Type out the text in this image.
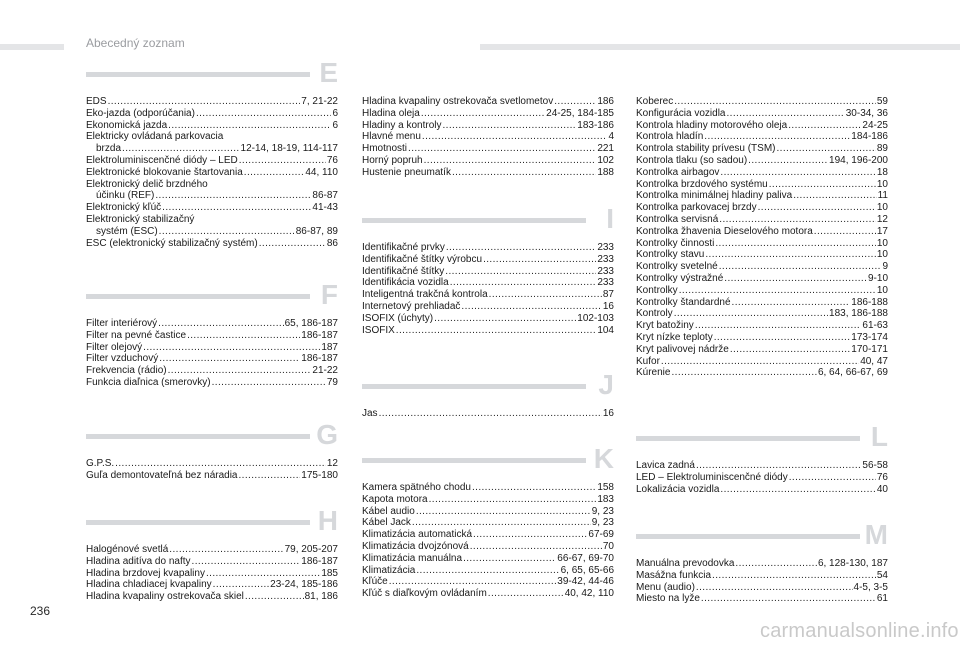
Abecedný zoznam
E
EDS .....	7, 21-22
Eko-jazda (odporúčania) .....	6
Ekonomická jazda .....	6
Elektricky ovládaná parkovacia
brzda .....	12-14, 18-19, 114-117
Elektroluminiscenčné diódy – LED .....	76
Elektronické blokovanie štartovania .....	44, 110
Elektronický delič brzdného
účinku (REF) .....	86-87
Elektronický kľúč .....	41-43
Elektronický stabilizačný
systém (ESC) .....	86-87, 89
ESC (elektronický stabilizačný systém) .....	86
F
Filter interiérový .....	65, 186-187
Filter na pevné častice .....	186-187
Filter olejový .....	187
Filter vzduchový .....	186-187
Frekvencia (rádio) .....	21-22
Funkcia diaľnica (smerovky) .....	79
G
G.P.S. .....	12
Guľa demontovateľná bez náradia .....	175-180
H
Halogénové svetlá .....	79, 205-207
Hladina aditíva do nafty .....	186-187
Hladina brzdovej kvapaliny .....	185
Hladina chladiacej kvapaliny .....	23-24, 185-186
Hladina kvapaliny ostrekovača skiel .....	81, 186
Hladina kvapaliny ostrekovača svetlometov .....	186
Hladina oleja .....	24-25, 184-185
Hladiny a kontroly .....	183-186
Hlavné menu .....	4
Hmotnosti .....	221
Horný popruh .....	102
Hustenie pneumatík .....	188
I
Identifikačné prvky .....	233
Identifikačné štítky výrobcu .....	233
Identifikačné štítky .....	233
Identifikácia vozidla .....	233
Inteligentná trakčná kontrola .....	87
Internetový prehliadač .....	16
ISOFIX (úchyty) .....	102-103
ISOFIX .....	104
J
Jas .....	16
K
Kamera spätného chodu .....	158
Kapota motora .....	183
Kábel audio .....	9, 23
Kábel Jack .....	9, 23
Klimatizácia automatická .....	67-69
Klimatizácia dvojzónová .....	70
Klimatizácia manuálna .....	66-67, 69-70
Klimatizácia .....	6, 65, 65-66
Kľúče .....	39-42, 44-46
Kľúč s diaľkovým ovládaním .....	40, 42, 110
Koberec .....	59
Konfigurácia vozidla .....	30-34, 36
Kontrola hladiny motorového oleja .....	24-25
Kontrola hladín .....	184-186
Kontrola stability prívesu (TSM) .....	89
Kontrola tlaku (so sadou) .....	194, 196-200
Kontrolka airbagov .....	18
Kontrolka brzdového systému .....	10
Kontrolka minimálnej hladiny paliva .....	11
Kontrolka parkovacej brzdy .....	10
Kontrolka servisná .....	12
Kontrolka žhavenia Dieselového motora .....	17
Kontrolky činnosti .....	10
Kontrolky stavu .....	10
Kontrolky svetelné .....	9
Kontrolky výstražné .....	9-10
Kontrolky .....	10
Kontrolky štandardné .....	186-188
Kontroly .....	183, 186-188
Kryt batožiny .....	61-63
Kryt nízke teploty .....	173-174
Kryt palivovej nádrže .....	170-171
Kufor .....	40, 47
Kúrenie .....	6, 64, 66-67, 69
L
Lavica zadná .....	56-58
LED – Elektroluminiscenčné diódy .....	76
Lokalizácia vozidla .....	40
M
Manuálna prevodovka .....	6, 128-130, 187
Masážna funkcia .....	54
Menu (audio) .....	4-5, 3-5
Miesto na lyže .....	61
236
carmanualsonline.info
